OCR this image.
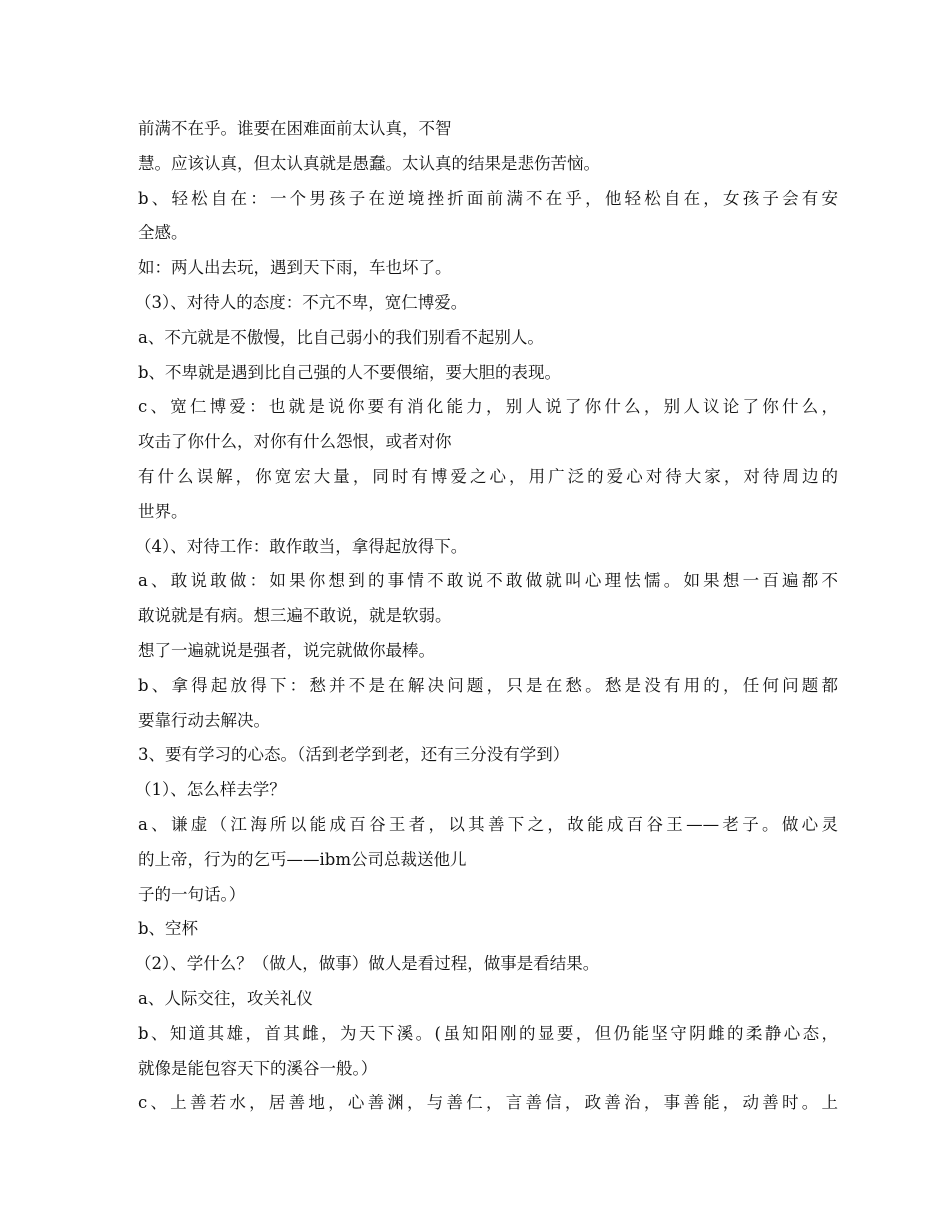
前满不在乎。谁要在困难面前太认真，不智
慧。应该认真，但太认真就是愚蠢。太认真的结果是悲伤苦恼。
b、轻松自在：一个男孩子在逆境挫折面前满不在乎，他轻松自在，女孩子会有安
全感。
如：两人出去玩，遇到天下雨，车也坏了。
（3）、对待人的态度：不亢不卑，宽仁博爱。
a、不亢就是不傲慢，比自己弱小的我们别看不起别人。
b、不卑就是遇到比自己强的人不要偎缩，要大胆的表现。
c、宽仁博爱：也就是说你要有消化能力，别人说了你什么，别人议论了你什么，
攻击了你什么，对你有什么怨恨，或者对你
有什么误解，你宽宏大量，同时有博爱之心，用广泛的爱心对待大家，对待周边的
世界。
（4）、对待工作：敢作敢当，拿得起放得下。
a、敢说敢做：如果你想到的事情不敢说不敢做就叫心理怯懦。如果想一百遍都不
敢说就是有病。想三遍不敢说，就是软弱。
想了一遍就说是强者，说完就做你最棒。
b、拿得起放得下：愁并不是在解决问题，只是在愁。愁是没有用的，任何问题都
要靠行动去解决。
3、要有学习的心态。（活到老学到老，还有三分没有学到）
（1）、怎么样去学？
a、谦虚（江海所以能成百谷王者，以其善下之，故能成百谷王——老子。做心灵
的上帝，行为的乞丐——ibm公司总裁送他儿
子的一句话。）
b、空杯
（2）、学什么？（做人，做事）做人是看过程，做事是看结果。
a、人际交往，攻关礼仪
b、知道其雄，首其雌，为天下溪。(虽知阳刚的显要，但仍能坚守阴雌的柔静心态，
就像是能包容天下的溪谷一般。）
c、上善若水，居善地，心善渊，与善仁，言善信，政善治，事善能，动善时。上
